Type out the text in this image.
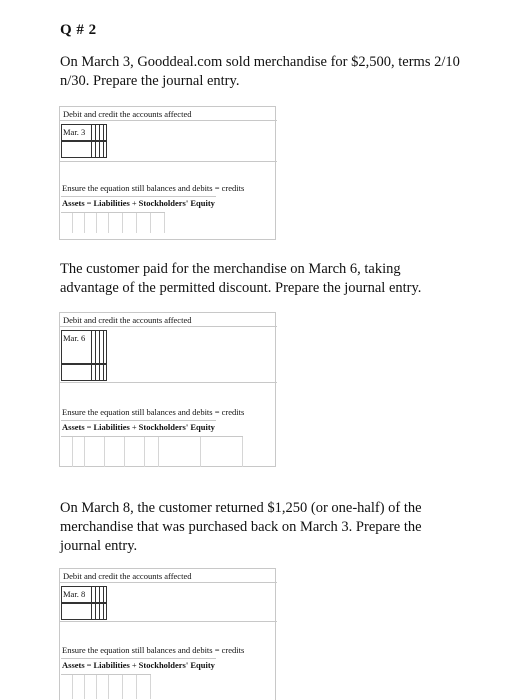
Q # 2
On March 3, Gooddeal.com sold merchandise for $2,500, terms 2/10 n/30. Prepare the journal entry.
Debit and credit the accounts affected
Mar. 3
Ensure the equation still balances and debits = credits
Assets = Liabilities + Stockholders' Equity
The customer paid for the merchandise on March 6, taking advantage of the permitted discount. Prepare the journal entry.
Debit and credit the accounts affected
Mar. 6
Ensure the equation still balances and debits = credits
Assets = Liabilities + Stockholders' Equity
On March 8, the customer returned $1,250 (or one-half) of the merchandise that was purchased back on March 3. Prepare the journal entry.
Debit and credit the accounts affected
Mar. 8
Ensure the equation still balances and debits = credits
Assets = Liabilities + Stockholders' Equity
